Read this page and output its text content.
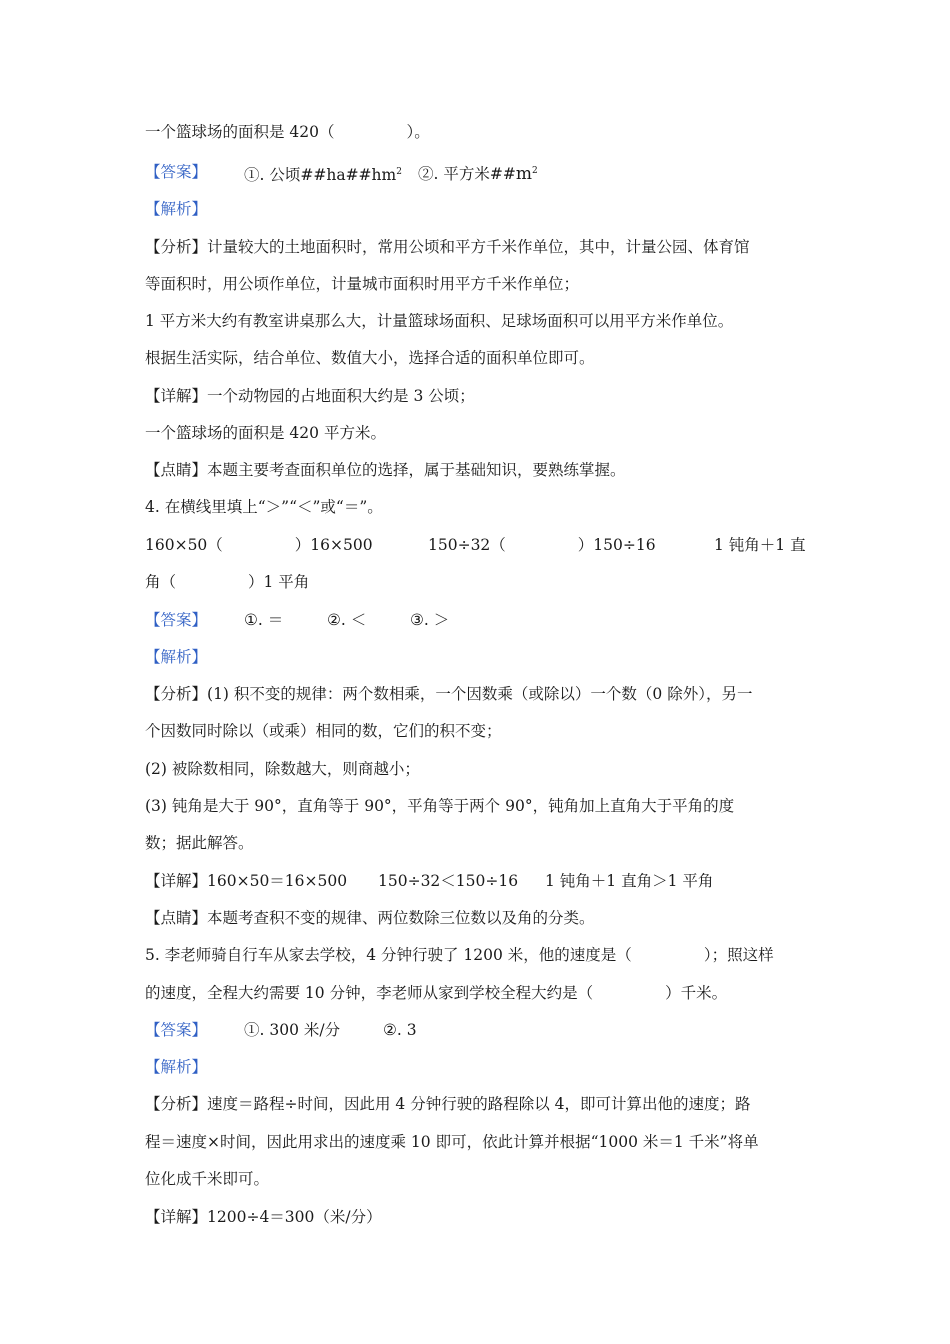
一个篮球场的面积是 420（	）。
【答案】 ①. 公顷$\#\#ha\#\#hm^2$ ②. 平方米$\#\#m^2$
【解析】
【分析】计量较大的土地面积时，常用公顷和平方千米作单位，其中，计量公园、体育馆
等面积时，用公顷作单位，计量城市面积时用平方千米作单位；
1 平方米大约有教室讲桌那么大，计量篮球场面积、足球场面积可以用平方米作单位。
根据生活实际，结合单位、数值大小，选择合适的面积单位即可。
【详解】一个动物园的占地面积大约是 3 公顷；
一个篮球场的面积是 420 平方米。
【点睛】本题主要考查面积单位的选择，属于基础知识，要熟练掌握。
4. 在横线里填上“＞”“＜”或“＝”。
160×50（	）16×500	150÷32（	）150÷16	1 钝角＋1 直
角（	）1 平角
【答案】 ①. ＝	②. ＜	③. ＞
【解析】
【分析】(1) 积不变的规律：两个数相乘，一个因数乘（或除以）一个数（0 除外），另一
个因数同时除以（或乘）相同的数，它们的积不变；
(2) 被除数相同，除数越大，则商越小；
(3) 钝角是大于 90°，直角等于 90°，平角等于两个 90°，钝角加上直角大于平角的度
数；据此解答。
【详解】160×50＝16×500 150÷32＜150÷16 1 钝角＋1 直角＞1 平角
【点睛】本题考查积不变的规律、两位数除三位数以及角的分类。
5. 李老师骑自行车从家去学校，4 分钟行驶了 1200 米，他的速度是（	）；照这样
的速度，全程大约需要 10 分钟，李老师从家到学校全程大约是（	）千米。
【答案】 ①. 300 米/分	②. 3
【解析】
【分析】速度＝路程÷时间，因此用 4 分钟行驶的路程除以 4，即可计算出他的速度；路
程＝速度×时间，因此用求出的速度乘 10 即可，依此计算并根据“1000 米＝1 千米”将单
位化成千米即可。
【详解】1200÷4＝300（米/分）
